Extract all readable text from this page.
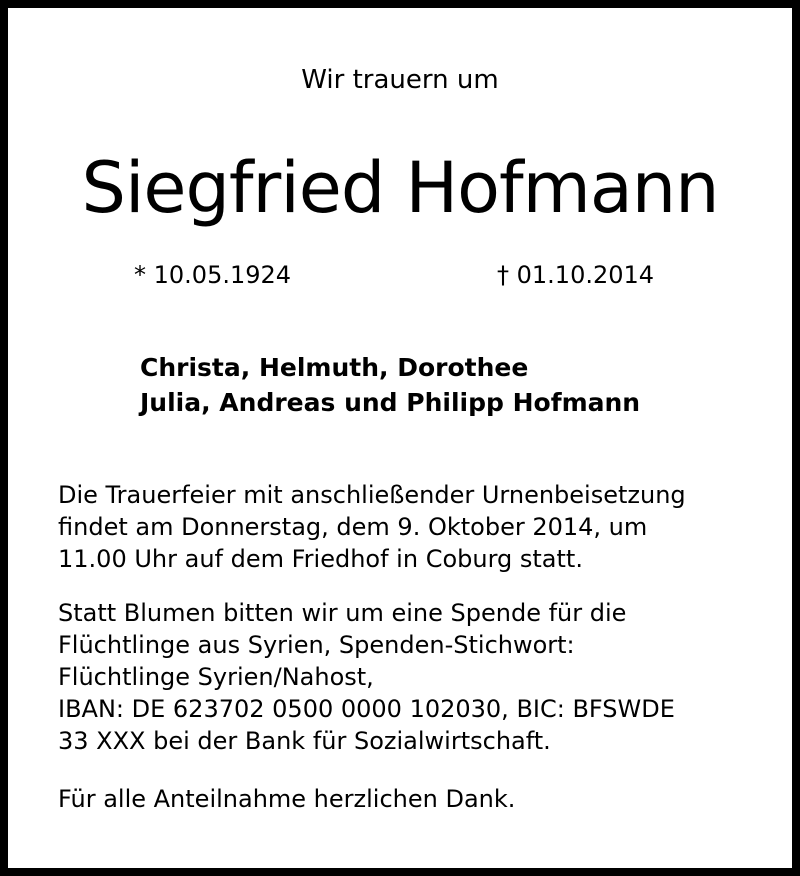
Wir trauern um
Siegfried Hofmann
* 10.05.1924	† 01.10.2014
Christa, Helmuth, Dorothee
Julia, Andreas und Philipp Hofmann
Die Trauerfeier mit anschließender Urnenbeisetzung
findet am Donnerstag, dem 9. Oktober 2014, um
11.00 Uhr auf dem Friedhof in Coburg statt.
Statt Blumen bitten wir um eine Spende für die
Flüchtlinge aus Syrien, Spenden-Stichwort:
Flüchtlinge Syrien/Nahost,
IBAN: DE 623702 0500 0000 102030, BIC: BFSWDE
33 XXX bei der Bank für Sozialwirtschaft.
Für alle Anteilnahme herzlichen Dank.
